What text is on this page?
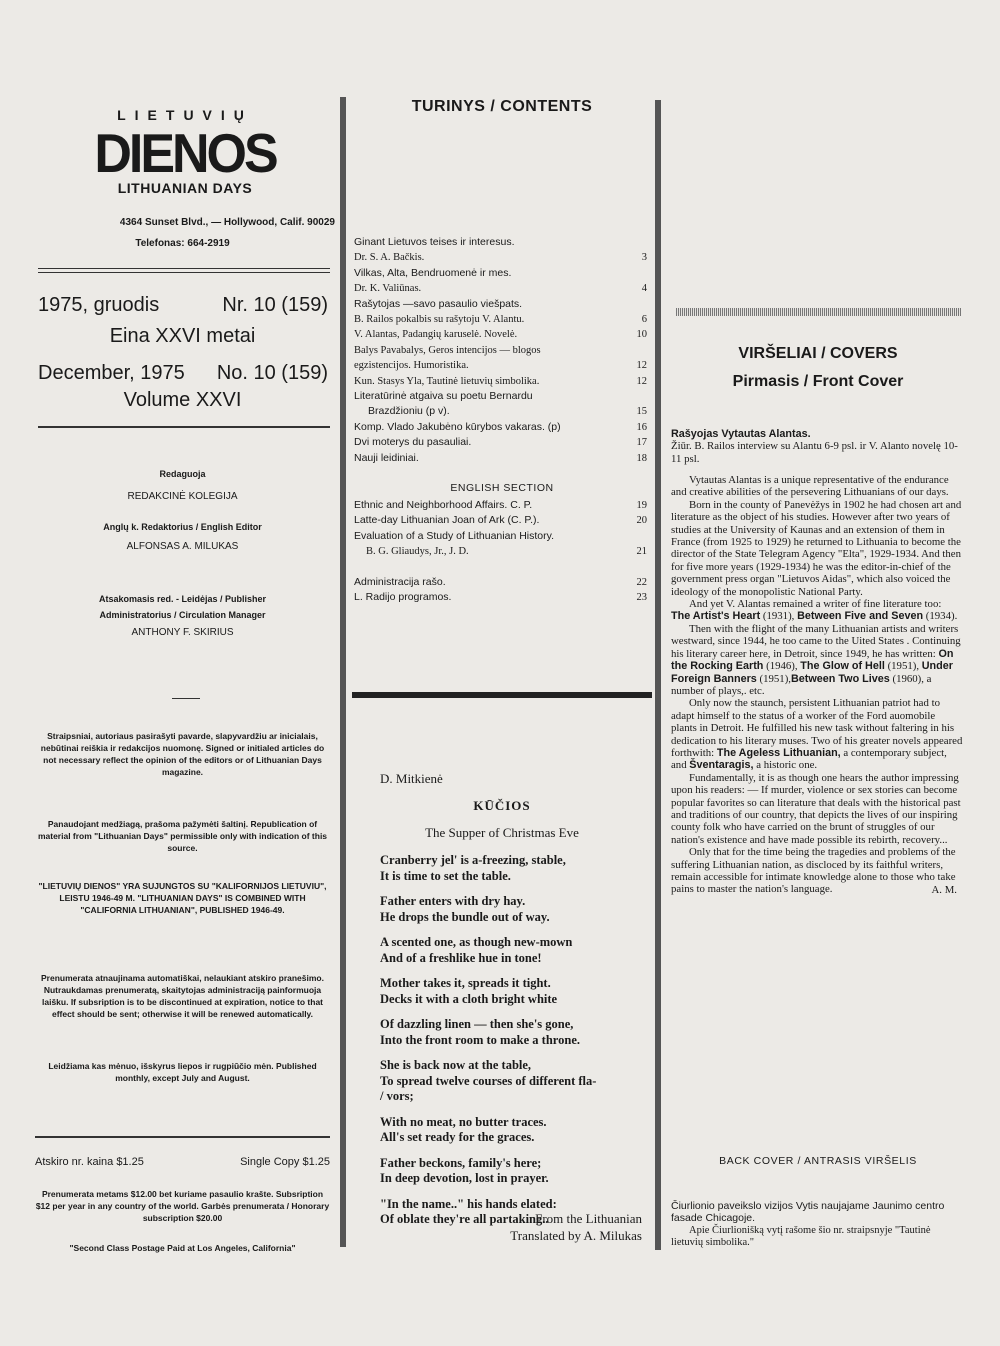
LIETUVIŲ
DIENOS
LITHUANIAN DAYS
4364 Sunset Blvd., — Hollywood, Calif. 90029
Telefonas: 664-2919
1975, gruodis	Nr. 10 (159)
Eina XXVI metai
December, 1975 No. 10 (159)
Volume XXVI
Redaguoja
REDAKCINĖ KOLEGIJA
Anglų k. Redaktorius / English Editor
ALFONSAS A. MILUKAS
Atsakomasis red. - Leidėjas / Publisher
Administratorius / Circulation Manager
ANTHONY F. SKIRIUS
Straipsniai, autoriaus pasirašyti pavarde, slapyvardžiu ar inicialais, nebūtinai reiškia ir redakcijos nuomonę. Signed or initialed articles do not necessary reflect the opinion of the editors or of Lithuanian Days magazine.
Panaudojant medžiagą, prašoma pažymėti šaltinį. Republication of material from "Lithuanian Days" permissible only with indication of this source.
"LIETUVIŲ DIENOS" YRA SUJUNGTOS SU "KALIFORNIJOS LIETUVIU", LEISTU 1946-49 M. "LITHUANIAN DAYS" IS COMBINED WITH "CALIFORNIA LITHUANIAN", PUBLISHED 1946-49.
Prenumerata atnaujinama automatiškai, nelaukiant atskiro pranešimo. Nutraukdamas prenumeratą, skaitytojas administraciją painformuoja laišku. If subsription is to be discontinued at expiration, notice to that effect should be sent; otherwise it will be renewed automatically.
Leidžiama kas mėnuo, išskyrus liepos ir rugpiūčio mėn. Published monthly, except July and August.
Atskiro nr. kaina $1.25	Single Copy $1.25
Prenumerata metams $12.00 bet kuriame pasaulio krašte. Subsription $12 per year in any country of the world. Garbės prenumerata / Honorary subscription $20.00
"Second Class Postage Paid at Los Angeles, California"
TURINYS / CONTENTS
Ginant Lietuvos teises ir interesus.
Dr. S. A. Bačkis.	3
Vilkas, Alta, Bendruomenė ir mes.
Dr. K. Valiūnas.	4
Rašytojas —savo pasaulio viešpats.
B. Railos pokalbis su rašytoju V. Alantu.	6
V. Alantas, Padangių karuselė. Novelė.	10
Balys Pavabalys, Geros intencijos — blogos
egzistencijos. Humoristika.	12
Kun. Stasys Yla, Tautinė lietuvių simbolika.	12
Literatūrinė atgaiva su poetu Bernardu
Brazdžioniu (p v).	15
Komp. Vlado Jakubėno kūrybos vakaras. (p)	16
Dvi moterys du pasauliai.	17
Nauji leidiniai.	18
ENGLISH SECTION
Ethnic and Neighborhood Affairs. C. P.	19
Latte-day Lithuanian Joan of Ark (C. P.).	20
Evaluation of a Study of Lithuanian History.
B. G. Gliaudys, Jr., J. D.	21
Administracija rašo.	22
L. Radijo programos.	23
D. Mitkienė
KŪČIOS
The Supper of Christmas Eve
Cranberry jel' is a-freezing, stable,
It is time to set the table.
Father enters with dry hay.
He drops the bundle out of way.
A scented one, as though new-mown
And of a freshlike hue in tone!
Mother takes it, spreads it tight.
Decks it with a cloth bright white
Of dazzling linen — then she's gone,
Into the front room to make a throne.
She is back now at the table,
To spread twelve courses of different fla-
/ vors;
With no meat, no butter traces.
All's set ready for the graces.
Father beckons, family's here;
In deep devotion, lost in prayer.
"In the name.." his hands elated:
Of oblate they're all partaking..
From the Lithuanian
Translated by A. Milukas
VIRŠELIAI / COVERS
Pirmasis / Front Cover

Rašyojas Vytautas Alantas.

Žiūr. B. Railos interview su Alantu 6-9 psl. ir V. Alanto novelę 10-11 psl.

Vytautas Alantas is a unique representative of the endurance and creative abilities of the persevering Lithuanians of our days.

Born in the county of Panevėžys in 1902 he had chosen art and literature as the object of his studies. However after two years of studies at the University of Kaunas and an extension of them in France (from 1925 to 1929) he returned to Lithuania to become the director of the State Telegram Agency "Elta", 1929-1934. And then for five more years (1929-1934) he was the editor-in-chief of the government press organ "Lietuvos Aidas", which also voiced the ideology of the monopolistic National Party.

And yet V. Alantas remained a writer of fine literature too: The Artist's Heart (1931), Between Five and Seven (1934).

Then with the flight of the many Lithuanian artists and writers westward, since 1944, he too came to the Uited States . Continuing his literary career here, in Detroit, since 1949, he has written: On the Rocking Earth (1946), The Glow of Hell (1951), Under Foreign Banners (1951),Between Two Lives (1960), a number of plays,. etc.

Only now the staunch, persistent Lithuanian patriot had to adapt himself to the status of a worker of the Ford auomobile plants in Detroit. He fulfilled his new task without faltering in his dedication to his literary muses. Two of his greater novels appeared forthwith: The Ageless Lithuanian, a contemporary subject, and Šventaragis, a historic one.

Fundamentally, it is as though one hears the author impressing upon his readers: — If murder, violence or sex stories can become popular favorites so can literature that deals with the historical past and traditions of our country, that depicts the lives of our inspiring county folk who have carried on the brunt of struggles of our nation's existence and have made possible its rebirth, recovery...

Only that for the time being the tragedies and problems of the suffering Lithuanian nation, as discloced by its faithful writers, remain accessible for intimate knowledge alone to those who take pains to master the nation's language.	A. M.
BACK COVER / ANTRASIS VIRŠELIS

Čiurlionio paveikslo vizijos Vytis naujajame Jaunimo centro fasade Chicagoje.

Apie Čiurlionišką vytį rašome šio nr. straipsnyje "Tautinė lietuvių simbolika."
